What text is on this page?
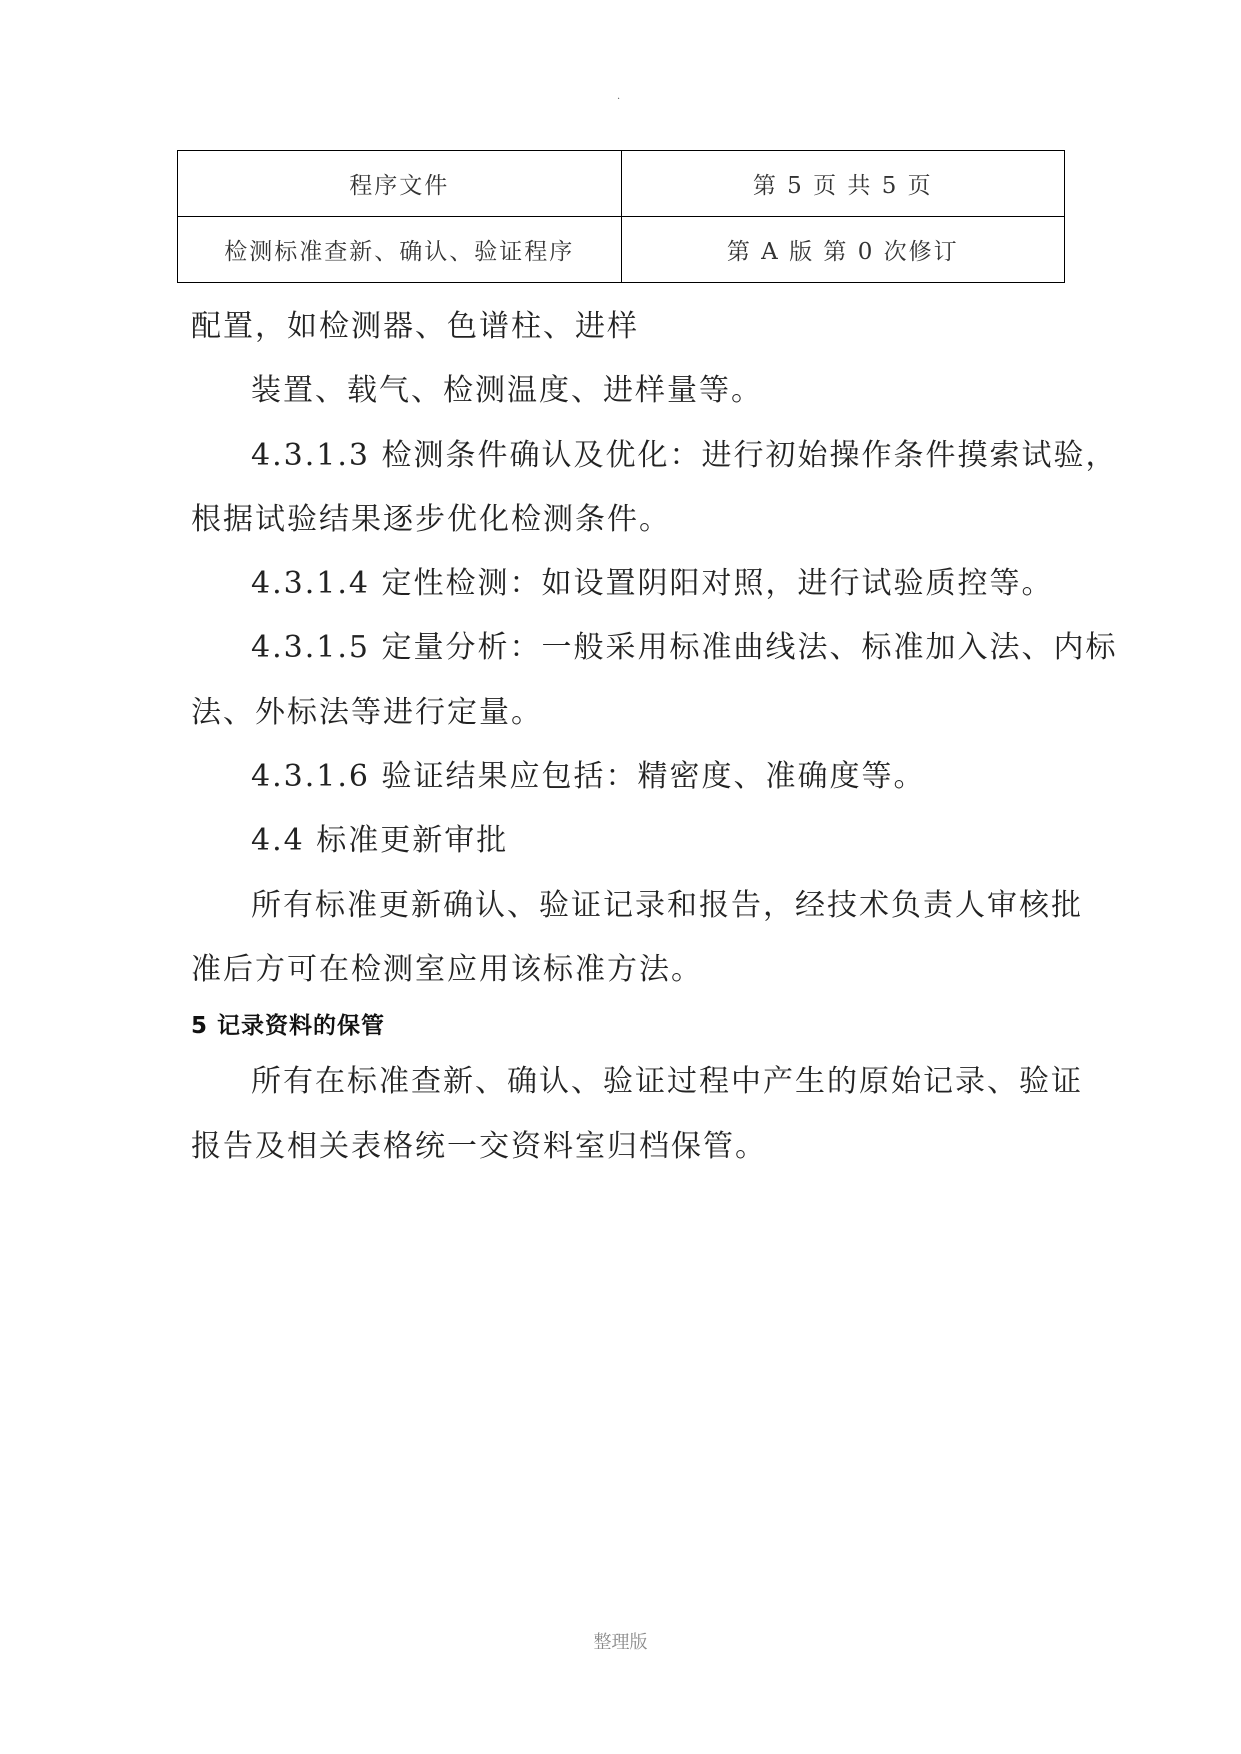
·
程序文件	第 5 页 共 5 页
检测标准查新、确认、验证程序	第 A 版 第 0 次修订
配置，如检测器、色谱柱、进样
装置、载气、检测温度、进样量等。
4.3.1.3 检测条件确认及优化：进行初始操作条件摸索试验，
根据试验结果逐步优化检测条件。
4.3.1.4 定性检测：如设置阴阳对照，进行试验质控等。
4.3.1.5 定量分析：一般采用标准曲线法、标准加入法、内标
法、外标法等进行定量。
4.3.1.6 验证结果应包括：精密度、准确度等。
4.4 标准更新审批
所有标准更新确认、验证记录和报告，经技术负责人审核批
准后方可在检测室应用该标准方法。
5 记录资料的保管
所有在标准查新、确认、验证过程中产生的原始记录、验证
报告及相关表格统一交资料室归档保管。
整理版
